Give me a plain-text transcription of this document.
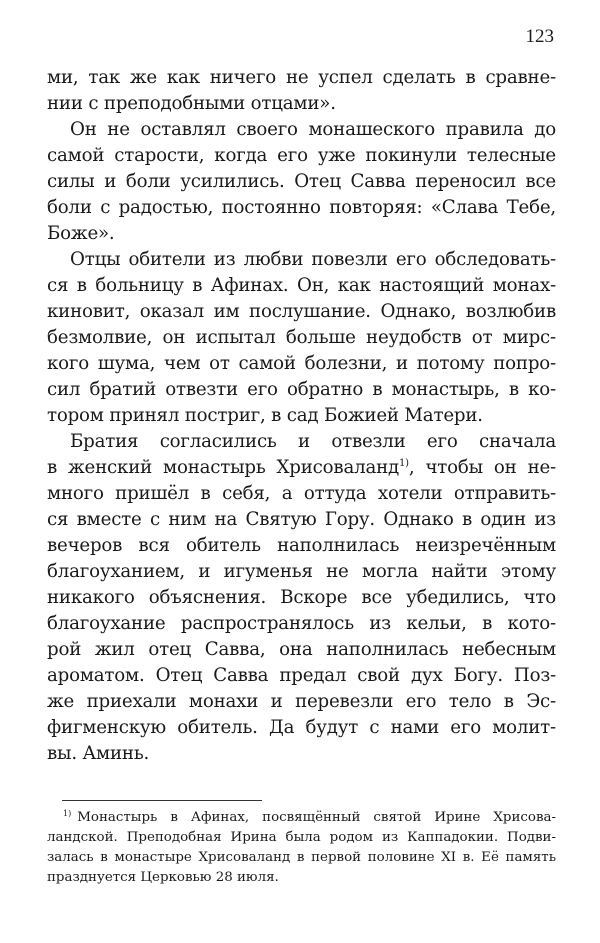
123
ми, так же как ничего не успел сделать в сравне-
нии с преподобными отцами».
Он не оставлял своего монашеского правила до
самой старости, когда его уже покинули телесные
силы и боли усилились. Отец Савва переносил все
боли с радостью, постоянно повторяя: «Слава Тебе,
Боже».
Отцы обители из любви повезли его обследовать-
ся в больницу в Афинах. Он, как настоящий монах-
киновит, оказал им послушание. Однако, возлюбив
безмолвие, он испытал больше неудобств от мирс-
кого шума, чем от самой болезни, и потому попро-
сил братий отвезти его обратно в монастырь, в ко-
тором принял постриг, в сад Божией Матери.
Братия согласились и отвезли его сначала
в женский монастырь Хрисоваланд$^{1)}$, чтобы он не-
много пришёл в себя, а оттуда хотели отправить-
ся вместе с ним на Святую Гору. Однако в один из
вечеров вся обитель наполнилась неизречённым
благоуханием, и игуменья не могла найти этому
никакого объяснения. Вскоре все убедились, что
благоухание распространялось из кельи, в кото-
рой жил отец Савва, она наполнилась небесным
ароматом. Отец Савва предал свой дух Богу. Поз-
же приехали монахи и перевезли его тело в Эс-
фигменскую обитель. Да будут с нами его молит-
вы. Аминь.
$^{1)}$ Монастырь в Афинах, посвящённый святой Ирине Хрисова-
ландской. Преподобная Ирина была родом из Каппадокии. Подви-
залась в монастыре Хрисоваланд в первой половине XI в. Её память
празднуется Церковью 28 июля.
